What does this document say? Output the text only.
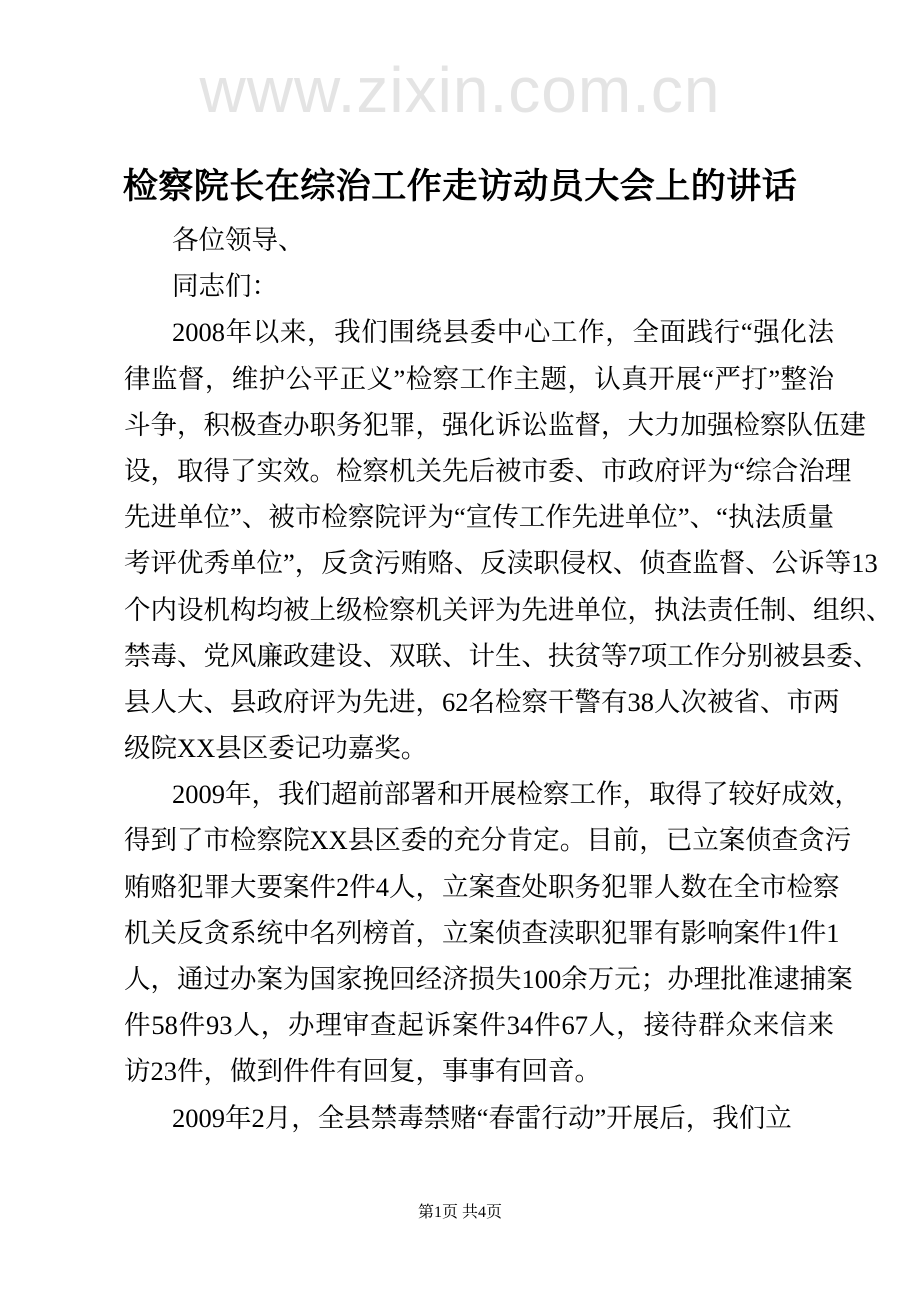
www.zixin.com.cn
检察院长在综治工作走访动员大会上的讲话
各位领导、
同志们：
2008年以来，我们围绕县委中心工作，全面践行“强化法
律监督，维护公平正义”检察工作主题，认真开展“严打”整治
斗争，积极查办职务犯罪，强化诉讼监督，大力加强检察队伍建
设，取得了实效。检察机关先后被市委、市政府评为“综合治理
先进单位”、被市检察院评为“宣传工作先进单位”、“执法质量
考评优秀单位”，反贪污贿赂、反渎职侵权、侦查监督、公诉等13
个内设机构均被上级检察机关评为先进单位，执法责任制、组织、
禁毒、党风廉政建设、双联、计生、扶贫等7项工作分别被县委、
县人大、县政府评为先进，62名检察干警有38人次被省、市两
级院XX县区委记功嘉奖。
2009年，我们超前部署和开展检察工作，取得了较好成效，
得到了市检察院XX县区委的充分肯定。目前，已立案侦查贪污
贿赂犯罪大要案件2件4人，立案查处职务犯罪人数在全市检察
机关反贪系统中名列榜首，立案侦查渎职犯罪有影响案件1件1
人，通过办案为国家挽回经济损失100余万元；办理批准逮捕案
件58件93人，办理审查起诉案件34件67人，接待群众来信来
访23件，做到件件有回复，事事有回音。
2009年2月，全县禁毒禁赌“春雷行动”开展后，我们立
第1页 共4页
